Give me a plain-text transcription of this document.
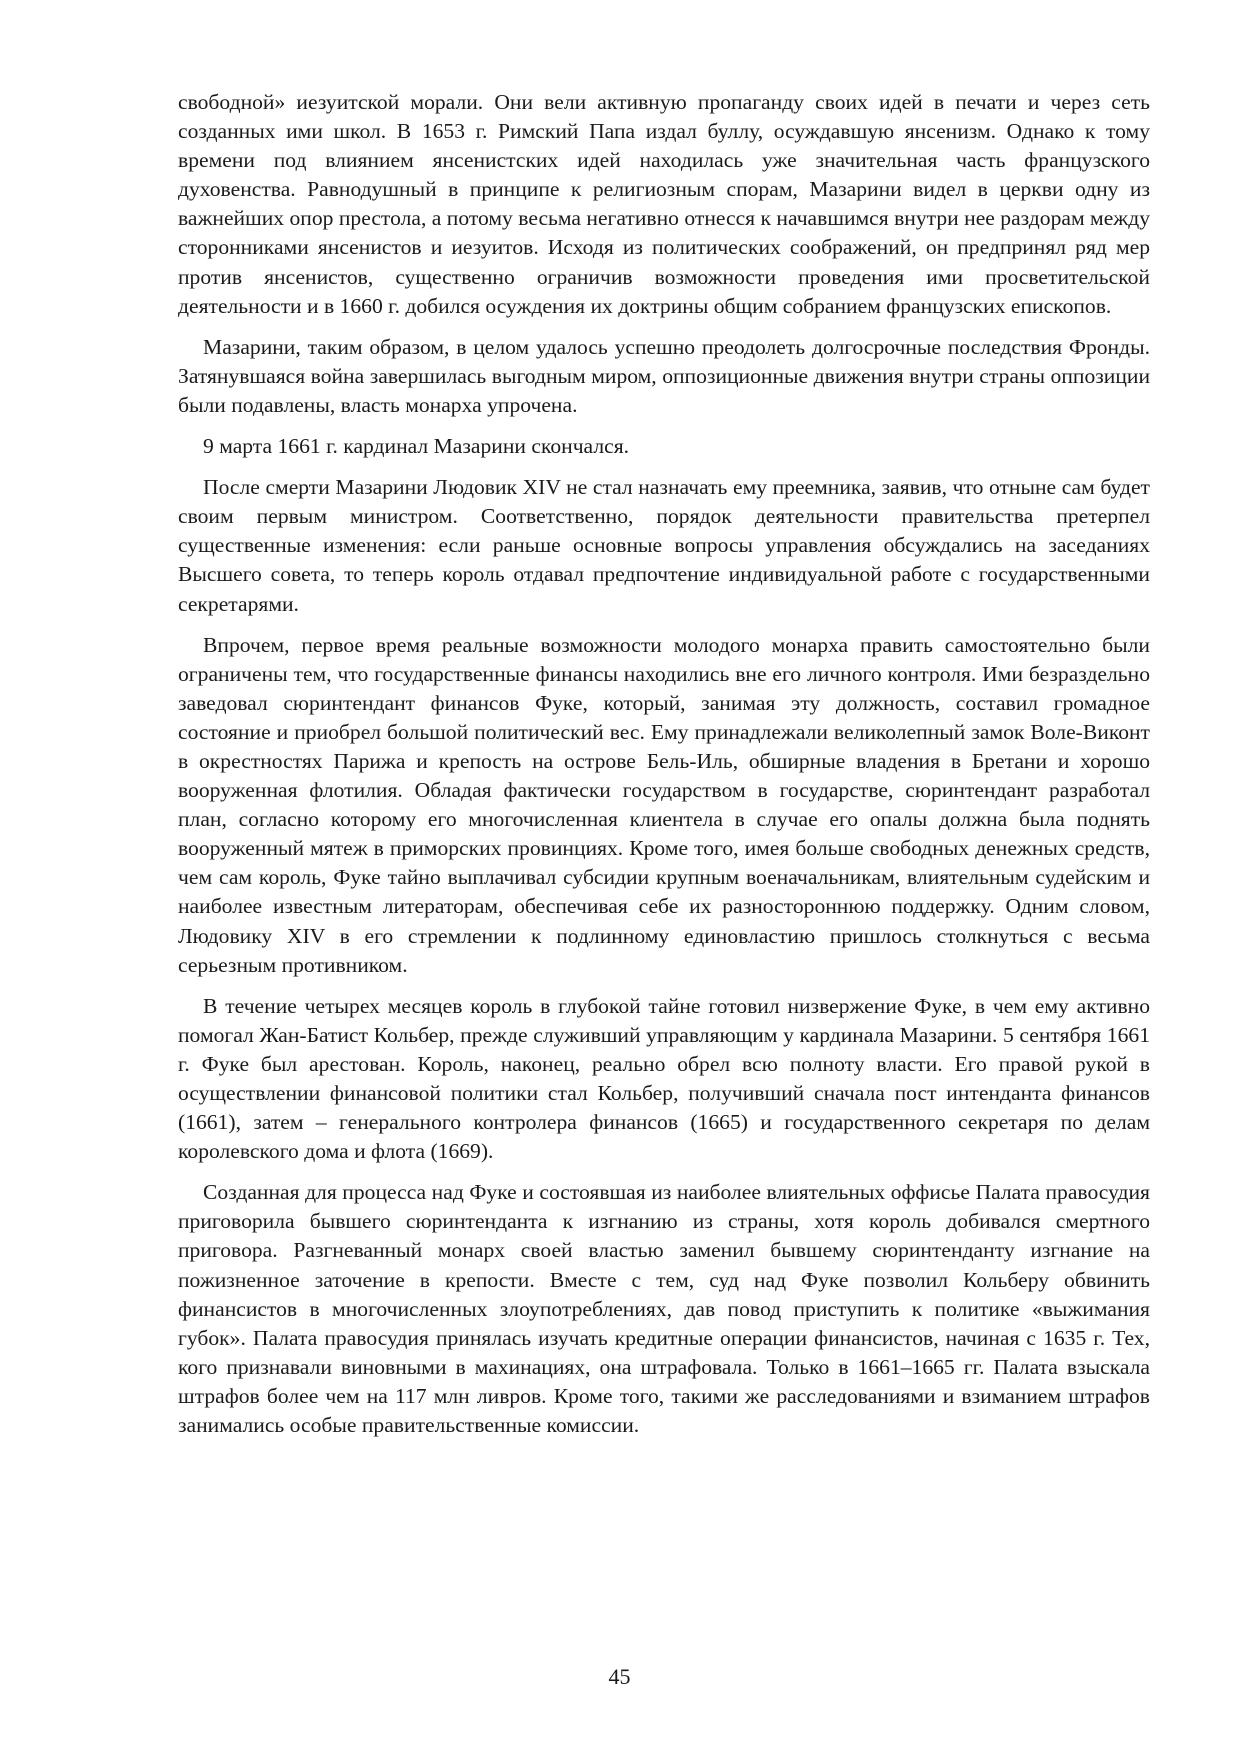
свободной» иезуитской морали. Они вели активную пропаганду своих идей в печати и через сеть созданных ими школ. В 1653 г. Римский Папа издал буллу, осуждавшую янсенизм. Однако к тому времени под влиянием янсенистских идей находилась уже значительная часть французского духовенства. Равнодушный в принципе к религиозным спорам, Мазарини видел в церкви одну из важнейших опор престола, а потому весьма негативно отнесся к начавшимся внутри нее раздорам между сторонниками янсенистов и иезуитов. Исходя из политических соображений, он предпринял ряд мер против янсенистов, существенно ограничив возможности проведения ими просветительской деятельности и в 1660 г. добился осуждения их доктрины общим собранием французских епископов.

Мазарини, таким образом, в целом удалось успешно преодолеть долгосрочные последствия Фронды. Затянувшаяся война завершилась выгодным миром, оппозиционные движения внутри страны оппозиции были подавлены, власть монарха упрочена.

9 марта 1661 г. кардинал Мазарини скончался.

После смерти Мазарини Людовик XIV не стал назначать ему преемника, заявив, что отныне сам будет своим первым министром. Соответственно, порядок деятельности правительства претерпел существенные изменения: если раньше основные вопросы управления обсуждались на заседаниях Высшего совета, то теперь король отдавал предпочтение индивидуальной работе с государственными секретарями.

Впрочем, первое время реальные возможности молодого монарха править самостоятельно были ограничены тем, что государственные финансы находились вне его личного контроля. Ими безраздельно заведовал сюринтендант финансов Фуке, который, занимая эту должность, составил громадное состояние и приобрел большой политический вес. Ему принадлежали великолепный замок Воле-Виконт в окрестностях Парижа и крепость на острове Бель-Иль, обширные владения в Бретани и хорошо вооруженная флотилия. Обладая фактически государством в государстве, сюринтендант разработал план, согласно которому его многочисленная клиентела в случае его опалы должна была поднять вооруженный мятеж в приморских провинциях. Кроме того, имея больше свободных денежных средств, чем сам король, Фуке тайно выплачивал субсидии крупным военачальникам, влиятельным судейским и наиболее известным литераторам, обеспечивая себе их разностороннюю поддержку. Одним словом, Людовику XIV в его стремлении к подлинному единовластию пришлось столкнуться с весьма серьезным противником.

В течение четырех месяцев король в глубокой тайне готовил низвержение Фуке, в чем ему активно помогал Жан-Батист Кольбер, прежде служивший управляющим у кардинала Мазарини. 5 сентября 1661 г. Фуке был арестован. Король, наконец, реально обрел всю полноту власти. Его правой рукой в осуществлении финансовой политики стал Кольбер, получивший сначала пост интенданта финансов (1661), затем – генерального контролера финансов (1665) и государственного секретаря по делам королевского дома и флота (1669).

Созданная для процесса над Фуке и состоявшая из наиболее влиятельных оффисье Палата правосудия приговорила бывшего сюринтенданта к изгнанию из страны, хотя король добивался смертного приговора. Разгневанный монарх своей властью заменил бывшему сюринтенданту изгнание на пожизненное заточение в крепости. Вместе с тем, суд над Фуке позволил Кольберу обвинить финансистов в многочисленных злоупотреблениях, дав повод приступить к политике «выжимания губок». Палата правосудия принялась изучать кредитные операции финансистов, начиная с 1635 г. Тех, кого признавали виновными в махинациях, она штрафовала. Только в 1661–1665 гг. Палата взыскала штрафов более чем на 117 млн ливров. Кроме того, такими же расследованиями и взиманием штрафов занимались особые правительственные комиссии.

45
